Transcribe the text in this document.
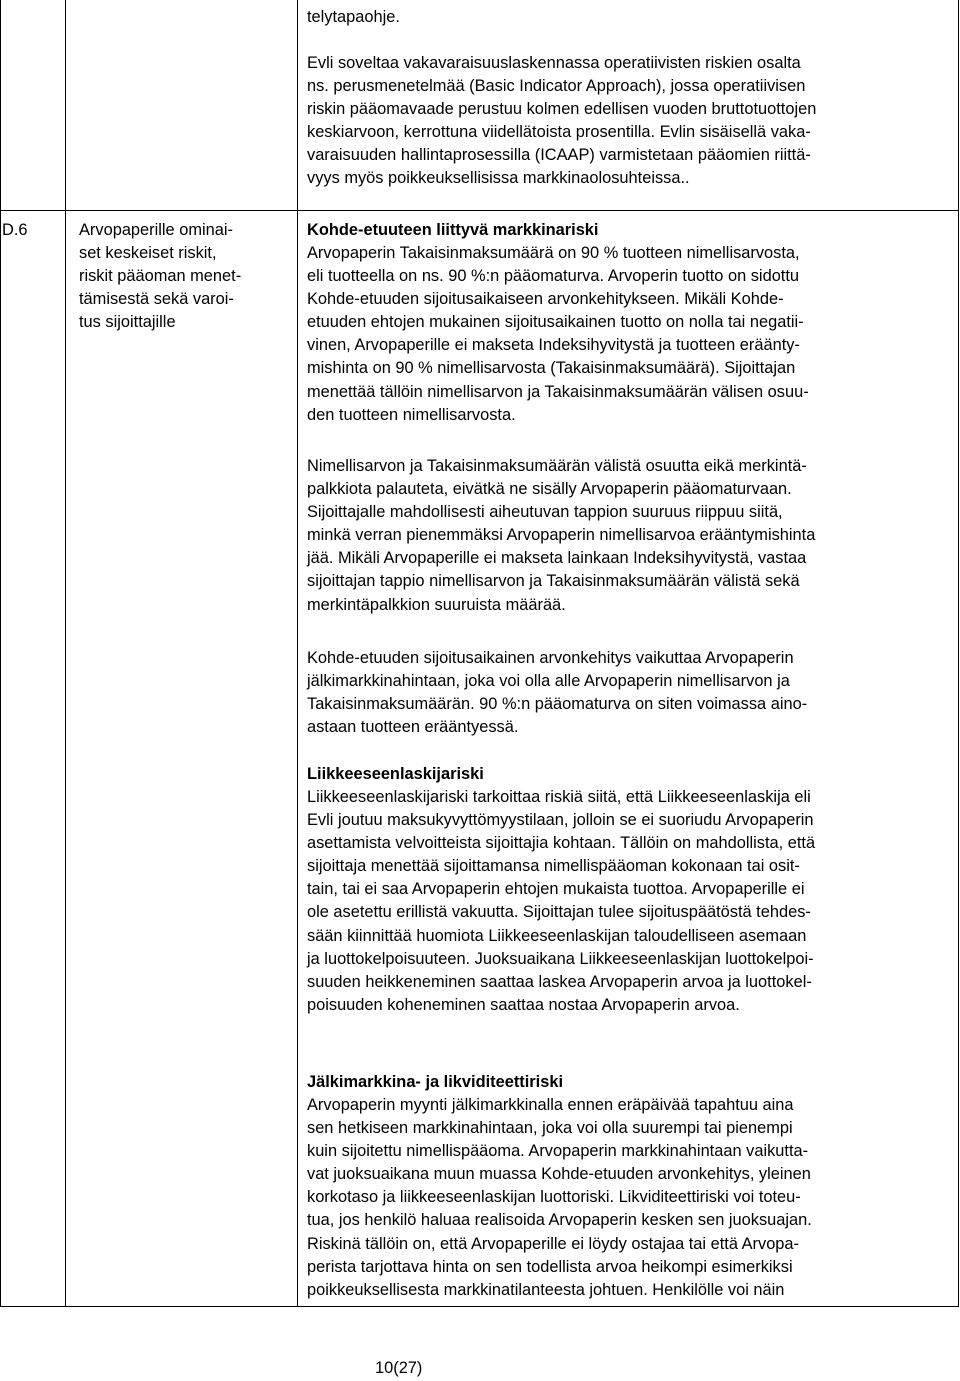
D.6	Arvopaperille ominai-
set keskeiset riskit,
riskit pääoman menet-
tämisestä sekä varoi-
tus sijoittajille

telytapaohje.

Evli soveltaa vakavaraisuuslaskennassa operatiivisten riskien osalta
ns. perusmenetelmää (Basic Indicator Approach), jossa operatiivisen
riskin pääomavaade perustuu kolmen edellisen vuoden bruttotuottojen
keskiarvoon, kerrottuna viidellätoista prosentilla. Evlin sisäisellä vaka-
varaisuuden hallintaprosessilla (ICAAP) varmistetaan pääomien riittä-
vyys myös poikkeuksellisissa markkinaolosuhteissa..

Kohde-etuuteen liittyvä markkinariski

Arvopaperin Takaisinmaksumäärä on 90 % tuotteen nimellisarvosta,
eli tuotteella on ns. 90 %:n pääomaturva. Arvoperin tuotto on sidottu
Kohde-etuuden sijoitusaikaiseen arvonkehitykseen. Mikäli Kohde-
etuuden ehtojen mukainen sijoitusaikainen tuotto on nolla tai negatii-
vinen, Arvopaperille ei makseta Indeksihyvitystä ja tuotteen eräänty-
mishinta on 90 % nimellisarvosta (Takaisinmaksumäärä). Sijoittajan
menettää tällöin nimellisarvon ja Takaisinmaksumäärän välisen osuu-
den tuotteen nimellisarvosta.

Nimellisarvon ja Takaisinmaksumäärän välistä osuutta eikä merkintä-
palkkiota palauteta, eivätkä ne sisälly Arvopaperin pääomaturvaan.
Sijoittajalle mahdollisesti aiheutuvan tappion suuruus riippuu siitä,
minkä verran pienemmäksi Arvopaperin nimellisarvoa erääntymishinta
jää. Mikäli Arvopaperille ei makseta lainkaan Indeksihyvitystä, vastaa
sijoittajan tappio nimellisarvon ja Takaisinmaksumäärän välistä sekä
merkintäpalkkion suuruista määrää.

Kohde-etuuden sijoitusaikainen arvonkehitys vaikuttaa Arvopaperin
jälkimarkkinahintaan, joka voi olla alle Arvopaperin nimellisarvon ja
Takaisinmaksumäärän. 90 %:n pääomaturva on siten voimassa aino-
astaan tuotteen erääntyessä.

Liikkeeseenlaskijariski

Liikkeeseenlaskijariski tarkoittaa riskiä siitä, että Liikkeeseenlaskija eli
Evli joutuu maksukyvyttömyystilaan, jolloin se ei suoriudu Arvopaperin
asettamista velvoitteista sijoittajia kohtaan. Tällöin on mahdollista, että
sijoittaja menettää sijoittamansa nimellispääoman kokonaan tai osit-
tain, tai ei saa Arvopaperin ehtojen mukaista tuottoa. Arvopaperille ei
ole asetettu erillistä vakuutta. Sijoittajan tulee sijoituspäätöstä tehdes-
sään kiinnittää huomiota Liikkeeseenlaskijan taloudelliseen asemaan
ja luottokelpoisuuteen. Juoksuaikana Liikkeeseenlaskijan luottokelpoi-
suuden heikkeneminen saattaa laskea Arvopaperin arvoa ja luottokel-
poisuuden kohenеminen saattaa nostaa Arvopaperin arvoa.

Jälkimarkkina- ja likviditeettiriski

Arvopaperin myynti jälkimarkkinalla ennen eräpäivää tapahtuu aina
sen hetkiseen markkinahintaan, joka voi olla suurempi tai pienempi
kuin sijoitettu nimellispääoma. Arvopaperin markkinahintaan vaikutta-
vat juoksuaikana muun muassa Kohde-etuuden arvonkehitys, yleinen
korkotaso ja liikkeeseenlaskijan luottoriski. Likviditeettiriski voi toteu-
tua, jos henkilö haluaa realisoida Arvopaperin kesken sen juoksuajan.
Riskinä tällöin on, että Arvopaperille ei löydy ostajaa tai että Arvopa-
perista tarjottava hinta on sen todellista arvoa heikompi esimerkiksi
poikkeuksellisesta markkinatilanteesta johtuen. Henkilölle voi näin

10(27)
